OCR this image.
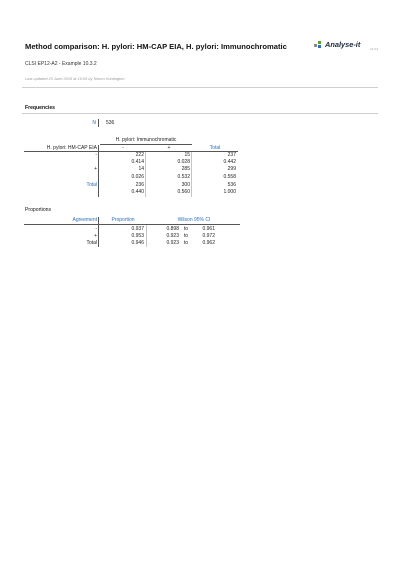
Method comparison: H. pylori: HM-CAP EIA, H. pylori: Immunochromatic	Analyse-it	v4.0.2
CLSI EP12-A2 - Example 10.3.2
Last updated 23 June 2015 at 15:05 by Simon Huntington
Frequencies
N 536
H. pylori: Immunochromatic
H. pylori: HM-CAP EIA	-	+	Total
-	222	15	237
0.414	0.028	0.442
+	14	285	299
0.026	0.532	0.558
Total	236	300	536
0.440	0.560	1.000
Proportions
Agreement	Proportion	Wilson 95% CI
-	0.937	0.898 to	0.961
+	0.953	0.923 to	0.972
Total	0.946	0.923 to	0.962
